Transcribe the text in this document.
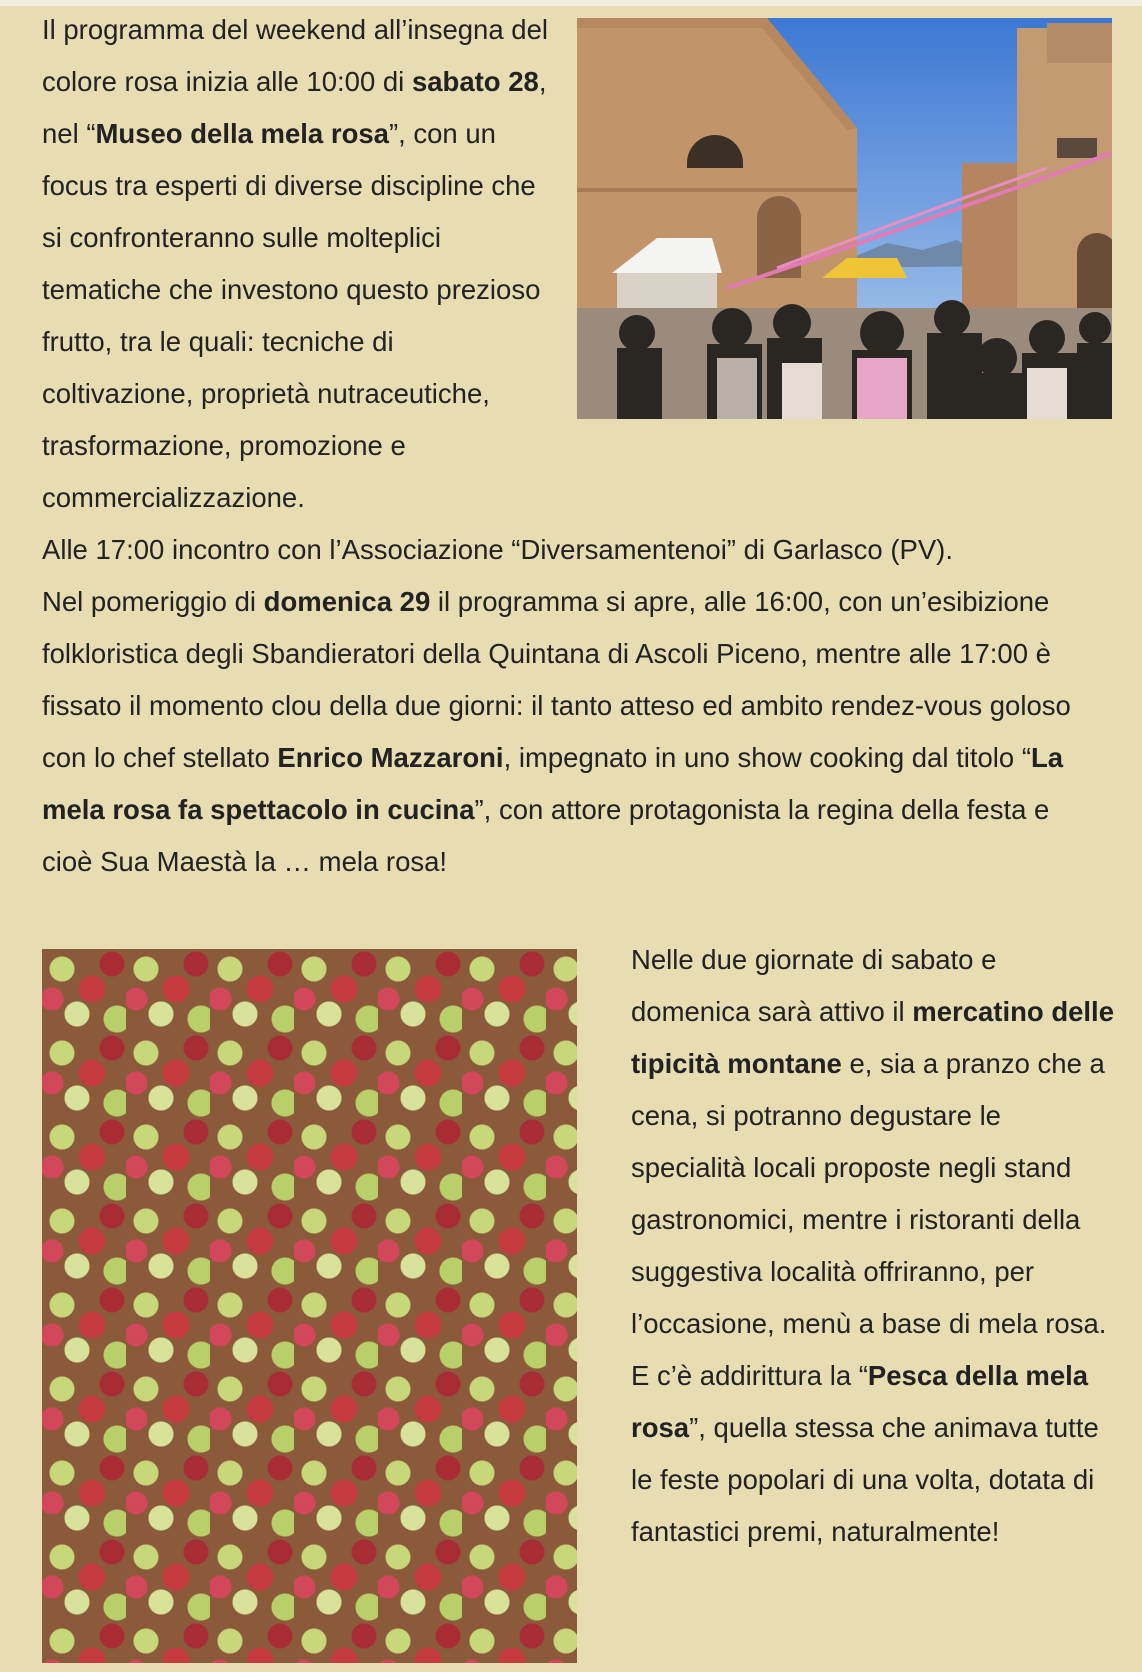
Il programma del weekend all’insegna del colore rosa inizia alle 10:00 di sabato 28, nel “Museo della mela rosa”, con un focus tra esperti di diverse discipline che si confronteranno sulle molteplici tematiche che investono questo prezioso frutto, tra le quali: tecniche di coltivazione, proprietà nutraceutiche, trasformazione, promozione e commercializzazione.
Alle 17:00 incontro con l’Associazione “Diversamentenoi” di Garlasco (PV).
Nel pomeriggio di domenica 29 il programma si apre, alle 16:00, con un’esibizione folkloristica degli Sbandieratori della Quintana di Ascoli Piceno, mentre alle 17:00 è fissato il momento clou della due giorni: il tanto atteso ed ambito rendez-vous goloso con lo chef stellato Enrico Mazzaroni, impegnato in uno show cooking dal titolo “La mela rosa fa spettacolo in cucina”, con attore protagonista la regina della festa e cioè Sua Maestà la … mela rosa!

Nelle due giornate di sabato e domenica sarà attivo il mercatino delle tipicità montane e, sia a pranzo che a cena, si potranno degustare le specialità locali proposte negli stand gastronomici, mentre i ristoranti della suggestiva località offriranno, per l’occasione, menù a base di mela rosa.
E c’è addirittura la “Pesca della mela rosa”, quella stessa che animava tutte le feste popolari di una volta, dotata di fantastici premi, naturalmente!
